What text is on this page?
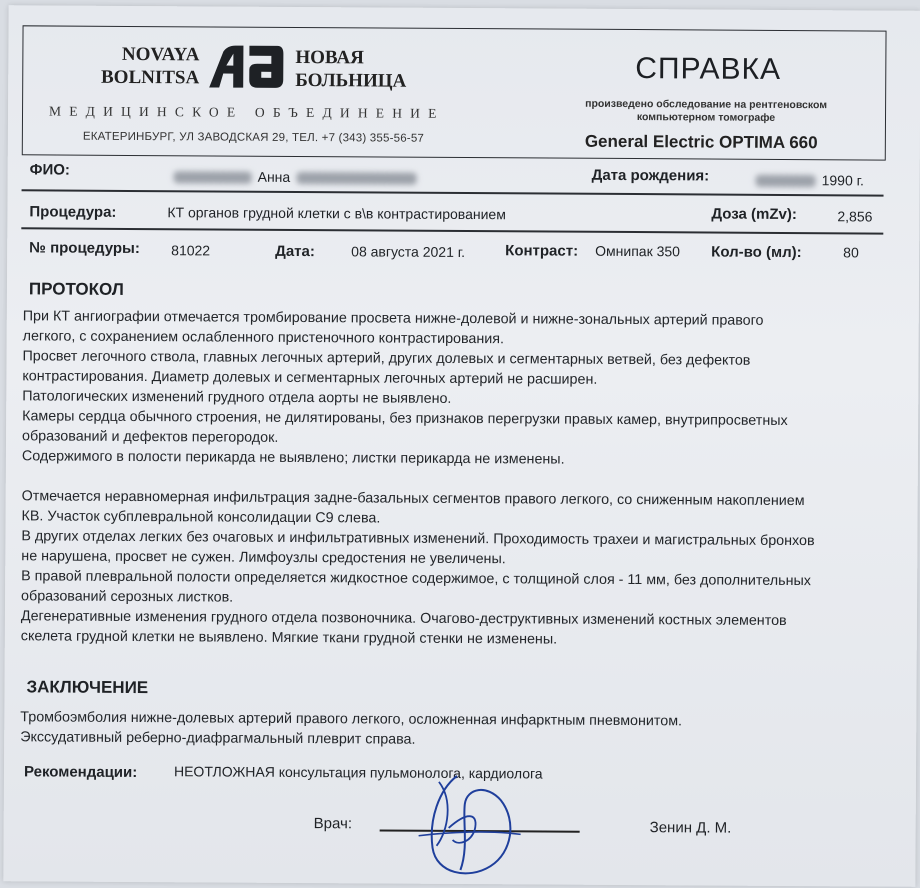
NOVAYA
BOLNITSA
НОВАЯ
БОЛЬНИЦА
МЕДИЦИНСКОЕ ОБЪЕДИНЕНИЕ
ЕКАТЕРИНБУРГ, УЛ ЗАВОДСКАЯ 29, ТЕЛ. +7 (343) 355-56-57
СПРАВКА
произведено обследование на рентгеновском
компьютерном томографе
General Electric OPTIMA 660
ФИО:	Анна	Дата рождения:	1990 г.
Процедура:	КТ органов грудной клетки с в\в контрастированием	Доза (mZv):	2,856
№ процедуры: 81022	Дата:	08 августа 2021 г.	Контраст: Омнипак 350 Кол-во (мл):	80
ПРОТОКОЛ
При КТ ангиографии отмечается тромбирование просвета нижне-долевой и нижне-зональных артерий правого
легкого, с сохранением ослабленного пристеночного контрастирования.
Просвет легочного ствола, главных легочных артерий, других долевых и сегментарных ветвей, без дефектов
контрастирования. Диаметр долевых и сегментарных легочных артерий не расширен.
Патологических изменений грудного отдела аорты не выявлено.
Камеры сердца обычного строения, не дилятированы, без признаков перегрузки правых камер, внутрипросветных
образований и дефектов перегородок.
Содержимого в полости перикарда не выявлено; листки перикарда не изменены.
Отмечается неравномерная инфильтрация задне-базальных сегментов правого легкого, со сниженным накоплением
КВ. Участок субплевральной консолидации С9 слева.
В других отделах легких без очаговых и инфильтративных изменений. Проходимость трахеи и магистральных бронхов
не нарушена, просвет не сужен. Лимфоузлы средостения не увеличены.
В правой плевральной полости определяется жидкостное содержимое, с толщиной слоя - 11 мм, без дополнительных
образований серозных листков.
Дегенеративные изменения грудного отдела позвоночника. Очагово-деструктивных изменений костных элементов
скелета грудной клетки не выявлено. Мягкие ткани грудной стенки не изменены.
ЗАКЛЮЧЕНИЕ
Тромбоэмболия нижне-долевых артерий правого легкого, осложненная инфарктным пневмонитом.
Экссудативный реберно-диафрагмальный плеврит справа.
Рекомендации:	НЕОТЛОЖНАЯ консультация пульмонолога, кардиолога
Врач:	Зенин Д. М.
